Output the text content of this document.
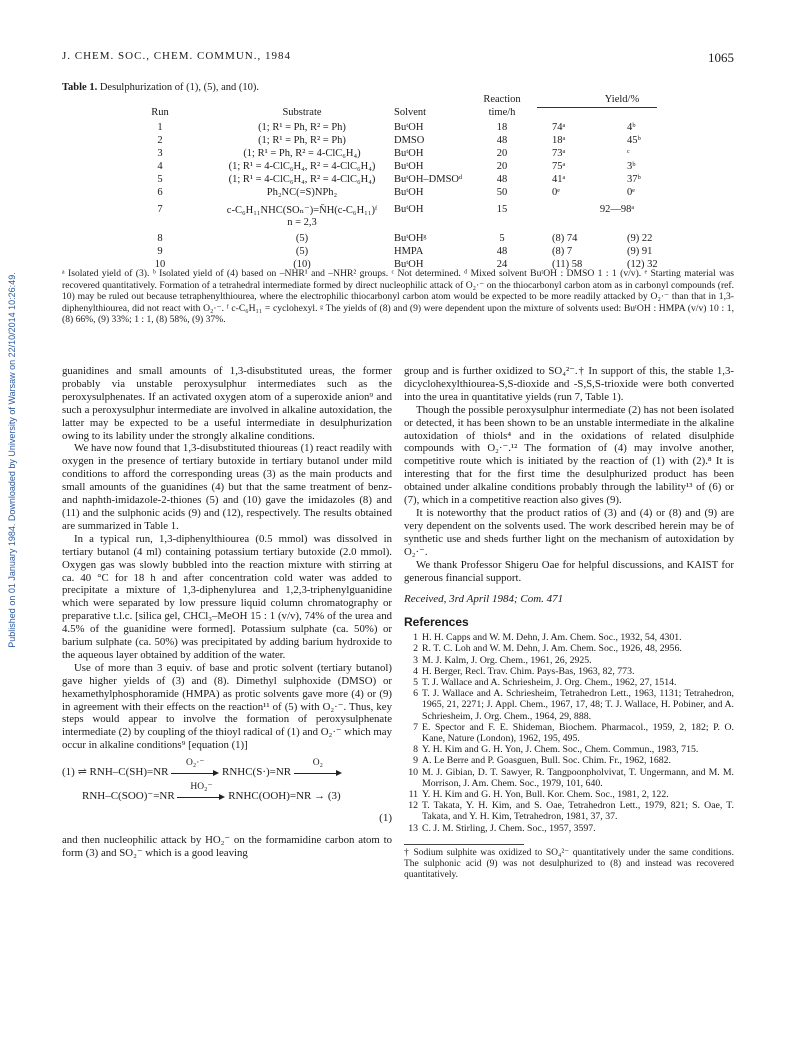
J. CHEM. SOC., CHEM. COMMUN., 1984	1065
Published on 01 January 1984. Downloaded by University of Warsaw on 22/10/2014 10:26:49.
Table 1. Desulphurization of (1), (5), and (10).
Reaction	Yield/%
Run	Substrate	Solvent	time/h
1	(1; R¹ = Ph, R² = Ph)	BuᵗOH	18	74ᵃ	4ᵇ
2	(1; R¹ = Ph, R² = Ph)	DMSO	48	18ᵃ	45ᵇ
3	(1; R¹ = Ph, R² = 4-ClC₆H₄)	BuᵗOH	20	73ᵃ	ᶜ
4	(1; R¹ = 4-ClC₆H₄, R² = 4-ClC₆H₄)	BuᵗOH	20	75ᵃ	3ᵇ
5	(1; R¹ = 4-ClC₆H₄, R² = 4-ClC₆H₄)	BuᵗOH–DMSOᵈ	48	41ᵃ	37ᵇ
6	Ph₂NC(=S)NPh₂	BuᵗOH	50	0ᵉ	0ᵉ
7	c-C₆H₁₁NHC(SOₙ⁻)=N̄H(c-C₆H₁₁)ᶠ	BuᵗOH	15	92—98ᵃ
n = 2,3
8	(5)	BuᵗOHᵍ	5	(8) 74	(9) 22
9	(5)	HMPA	48	(8) 7	(9) 91
10	(10)	BuᵗOH	24	(11) 58	(12) 32
ᵃ Isolated yield of (3). ᵇ Isolated yield of (4) based on –NHR¹ and –NHR² groups. ᶜ Not determined. ᵈ Mixed solvent BuᵗOH : DMSO 1 : 1 (v/v). ᵉ Starting material was recovered quantitatively. Formation of a tetrahedral intermediate formed by direct nucleophilic attack of O₂·⁻ on the thiocarbonyl carbon atom as in carbonyl compounds (ref. 10) may be ruled out because tetraphenylthiourea, where the electrophilic thiocarbonyl carbon atom would be expected to be more readily attacked by O₂·⁻ than that in 1,3-diphenylthiourea, did not react with O₂·⁻. ᶠ c-C₆H₁₁ = cyclohexyl. ᵍ The yields of (8) and (9) were dependent upon the mixture of solvents used: BuᵗOH : HMPA (v/v) 10 : 1, (8) 66%, (9) 33%; 1 : 1, (8) 58%, (9) 37%.

guanidines and small amounts of 1,3-disubstituted ureas, the former probably via unstable peroxysulphur intermediates such as the peroxysulphenates. If an activated oxygen atom of a superoxide anion⁹ and such a peroxysulphur intermediate are involved in alkaline autoxidation, the latter may be expected to be a useful intermediate in desulphurization owing to its lability under the strongly alkaline conditions.

We have now found that 1,3-disubstituted thioureas (1) react readily with oxygen in the presence of tertiary butoxide in tertiary butanol under mild conditions to afford the corresponding ureas (3) as the main products and small amounts of the guanidines (4) but that the same treatment of benz- and naphth-imidazole-2-thiones (5) and (10) gave the imidazoles (8) and (11) and the sulphonic acids (9) and (12), respectively. The results obtained are summarized in Table 1.

In a typical run, 1,3-diphenylthiourea (0.5 mmol) was dissolved in tertiary butanol (4 ml) containing potassium tertiary butoxide (2.0 mmol). Oxygen gas was slowly bubbled into the reaction mixture with stirring at ca. 40 °C for 18 h and after concentration cold water was added to precipitate a mixture of 1,3-diphenylurea and 1,2,3-triphenylguanidine which were separated by low pressure liquid column chromatography or preparative t.l.c. [silica gel, CHCl₃–MeOH 15 : 1 (v/v), 74% of the urea and 4.5% of the guanidine were formed]. Potassium sulphate (ca. 50%) or barium sulphate (ca. 50%) was precipitated by adding barium hydroxide to the aqueous layer obtained by addition of the water.

Use of more than 3 equiv. of base and protic solvent (tertiary butanol) gave higher yields of (3) and (8). Dimethyl sulphoxide (DMSO) or hexamethylphosphoramide (HMPA) as protic solvents gave more (4) or (9) in agreement with their effects on the reaction¹¹ of (5) with O₂·⁻. Thus, key steps would appear to involve the formation of peroxysulphenate intermediate (2) by coupling of the thioyl radical of (1) and O₂·⁻ which may occur in alkaline conditions⁹ [equation (1)]

(1) ⇌ RNH–C(SH)=NR
O₂·⁻
RNHC(S·)=NR
O₂
RNH–C(SOO)⁻=NR
HO₂⁻
RNHC(OOH)=NR → (3)
(1)

and then nucleophilic attack by HO₂⁻ on the formamidine carbon atom to form (3) and SO₂⁻ which is a good leaving

group and is further oxidized to SO₄²⁻.† In support of this, the stable 1,3-dicyclohexylthiourea-S,S-dioxide and -S,S,S-trioxide were both converted into the urea in quantitative yields (run 7, Table 1).

Though the possible peroxysulphur intermediate (2) has not been isolated or detected, it has been shown to be an unstable intermediate in the alkaline autoxidation of thiols⁴ and in the oxidations of related disulphide compounds with O₂·⁻.¹² The formation of (4) may involve another, competitive route which is initiated by the reaction of (1) with (2).⁸ It is interesting that for the first time the desulphurized product has been obtained under alkaline conditions probably through the lability¹³ of (6) or (7), which in a competitive reaction also gives (9).

It is noteworthy that the product ratios of (3) and (4) or (8) and (9) are very dependent on the solvents used. The work described herein may be of synthetic use and sheds further light on the mechanism of autoxidation by O₂·⁻.

We thank Professor Shigeru Oae for helpful discussions, and KAIST for generous financial support.

Received, 3rd April 1984; Com. 471

References

1 H. H. Capps and W. M. Dehn, J. Am. Chem. Soc., 1932, 54, 4301.
2 R. T. C. Loh and W. M. Dehn, J. Am. Chem. Soc., 1926, 48, 2956.
3 M. J. Kalm, J. Org. Chem., 1961, 26, 2925.
4 H. Berger, Recl. Trav. Chim. Pays-Bas, 1963, 82, 773.
5 T. J. Wallace and A. Schriesheim, J. Org. Chem., 1962, 27, 1514.
6 T. J. Wallace and A. Schriesheim, Tetrahedron Lett., 1963, 1131; Tetrahedron, 1965, 21, 2271; J. Appl. Chem., 1967, 17, 48; T. J. Wallace, H. Pobiner, and A. Schriesheim, J. Org. Chem., 1964, 29, 888.
7 E. Spector and F. E. Shideman, Biochem. Pharmacol., 1959, 2, 182; P. O. Kane, Nature (London), 1962, 195, 495.
8 Y. H. Kim and G. H. Yon, J. Chem. Soc., Chem. Commun., 1983, 715.
9 A. Le Berre and P. Goasguen, Bull. Soc. Chim. Fr., 1962, 1682.
10 M. J. Gibian, D. T. Sawyer, R. Tangpoonpholvivat, T. Ungermann, and M. M. Morrison, J. Am. Chem. Soc., 1979, 101, 640.
11 Y. H. Kim and G. H. Yon, Bull. Kor. Chem. Soc., 1981, 2, 122.
12 T. Takata, Y. H. Kim, and S. Oae, Tetrahedron Lett., 1979, 821; S. Oae, T. Takata, and Y. H. Kim, Tetrahedron, 1981, 37, 37.
13 C. J. M. Stirling, J. Chem. Soc., 1957, 3597.

† Sodium sulphite was oxidized to SO₄²⁻ quantitatively under the same conditions. The sulphonic acid (9) was not desulphurized to (8) and instead was recovered quantitatively.
